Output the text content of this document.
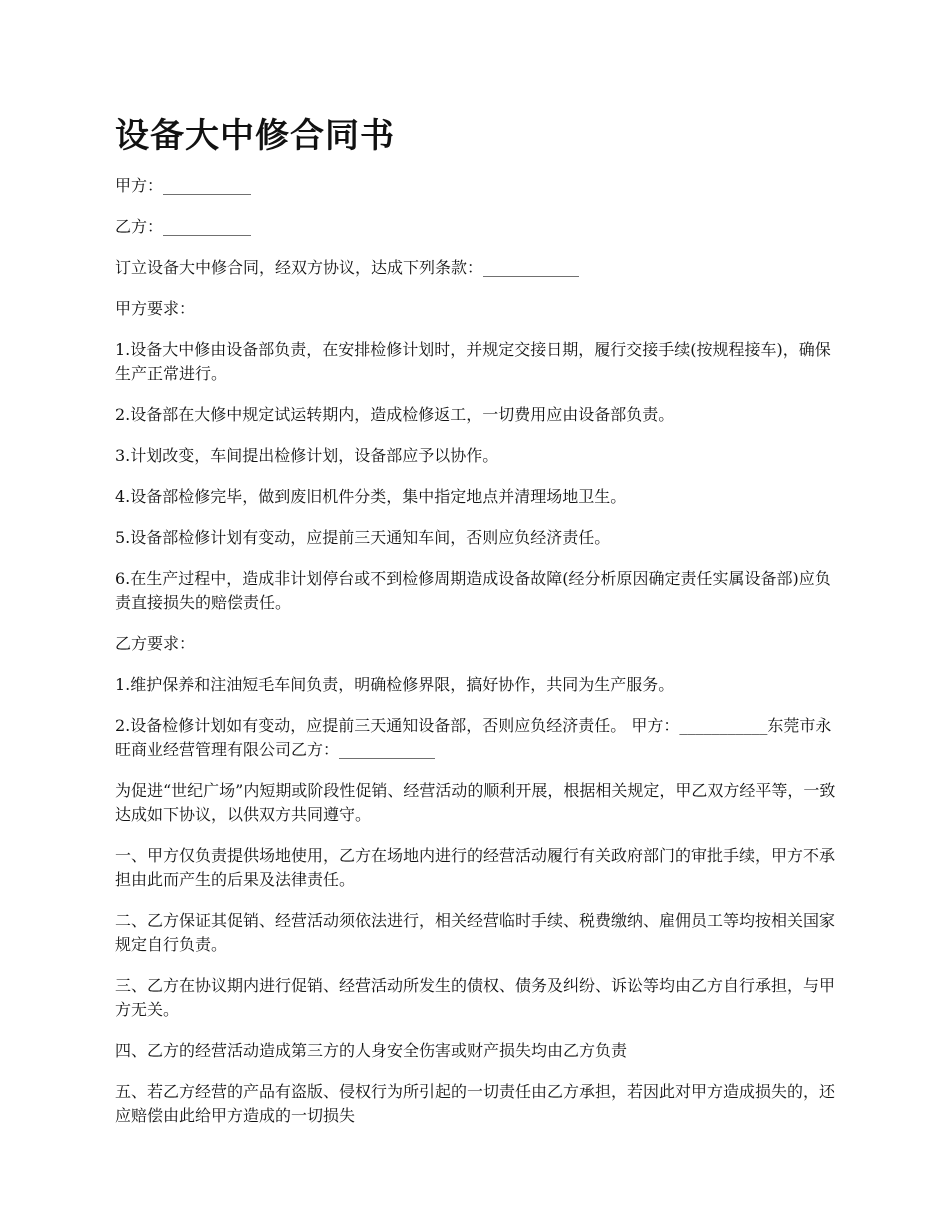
设备大中修合同书

甲方：___________

乙方：___________

订立设备大中修合同，经双方协议，达成下列条款：____________

甲方要求：

1.设备大中修由设备部负责，在安排检修计划时，并规定交接日期，履行交接手续(按规程接车)，确保生产正常进行。

2.设备部在大修中规定试运转期内，造成检修返工，一切费用应由设备部负责。

3.计划改变，车间提出检修计划，设备部应予以协作。

4.设备部检修完毕，做到废旧机件分类，集中指定地点并清理场地卫生。

5.设备部检修计划有变动，应提前三天通知车间，否则应负经济责任。

6.在生产过程中，造成非计划停台或不到检修周期造成设备故障(经分析原因确定责任实属设备部)应负责直接损失的赔偿责任。

乙方要求：

1.维护保养和注油短毛车间负责，明确检修界限，搞好协作，共同为生产服务。

2.设备检修计划如有变动，应提前三天通知设备部，否则应负经济责任。 甲方：___________东莞市永旺商业经营管理有限公司乙方：____________

为促进“世纪广场”内短期或阶段性促销、经营活动的顺利开展，根据相关规定，甲乙双方经平等，一致达成如下协议，以供双方共同遵守。

一、甲方仅负责提供场地使用，乙方在场地内进行的经营活动履行有关政府部门的审批手续，甲方不承担由此而产生的后果及法律责任。

二、乙方保证其促销、经营活动须依法进行，相关经营临时手续、税费缴纳、雇佣员工等均按相关国家规定自行负责。

三、乙方在协议期内进行促销、经营活动所发生的债权、债务及纠纷、诉讼等均由乙方自行承担，与甲方无关。

四、乙方的经营活动造成第三方的人身安全伤害或财产损失均由乙方负责

五、若乙方经营的产品有盗版、侵权行为所引起的一切责任由乙方承担，若因此对甲方造成损失的，还应赔偿由此给甲方造成的一切损失
